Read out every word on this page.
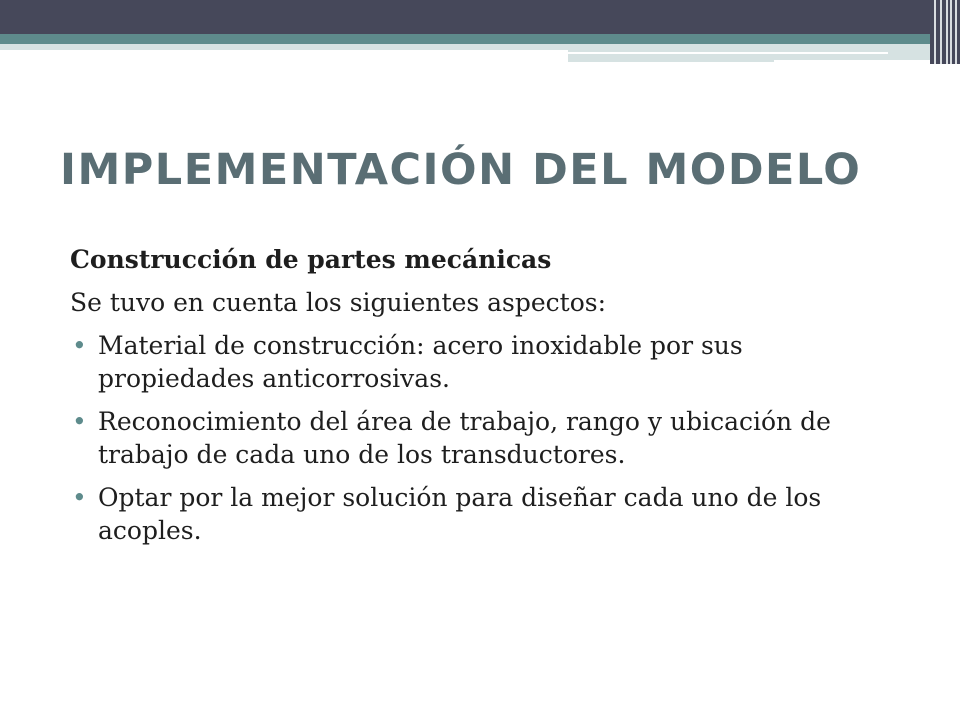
IMPLEMENTACIÓN DEL MODELO

Construcción de partes mecánicas

Se tuvo en cuenta los siguientes aspectos:

• Material de construcción: acero inoxidable por sus propiedades anticorrosivas.
• Reconocimiento del área de trabajo, rango y ubicación de trabajo de cada uno de los transductores.
• Optar por la mejor solución para diseñar cada uno de los acoples.
